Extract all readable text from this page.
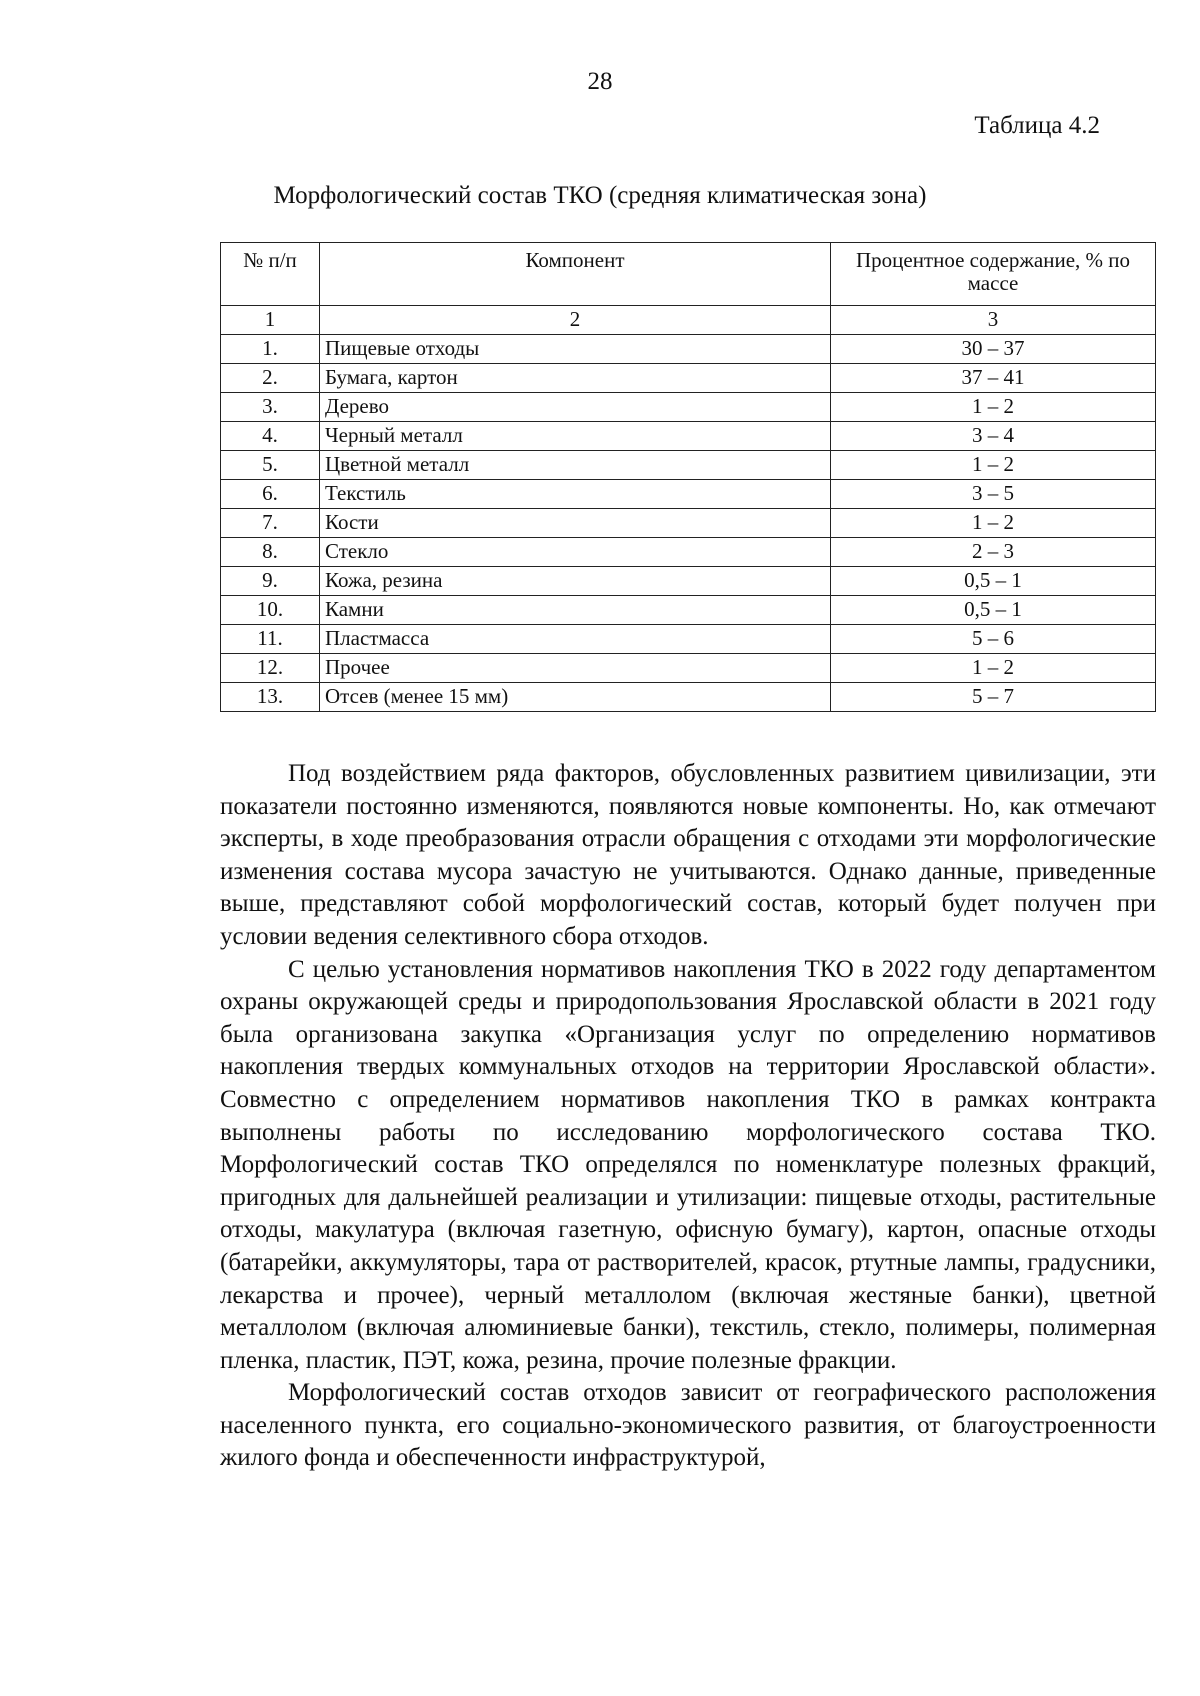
28
Таблица 4.2
Морфологический состав ТКО (средняя климатическая зона)
№ п/п	Компонент	Процентное содержание, % по массе
1	2	3
1.	Пищевые отходы	30 – 37
2.	Бумага, картон	37 – 41
3.	Дерево	1 – 2
4.	Черный металл	3 – 4
5.	Цветной металл	1 – 2
6.	Текстиль	3 – 5
7.	Кости	1 – 2
8.	Стекло	2 – 3
9.	Кожа, резина	0,5 – 1
10.	Камни	0,5 – 1
11.	Пластмасса	5 – 6
12.	Прочее	1 – 2
13.	Отсев (менее 15 мм)	5 – 7

Под воздействием ряда факторов, обусловленных развитием цивилизации, эти показатели постоянно изменяются, появляются новые компоненты. Но, как отмечают эксперты, в ходе преобразования отрасли обращения с отходами эти морфологические изменения состава мусора зачастую не учитываются. Однако данные, приведенные выше, представляют собой морфологический состав, который будет получен при условии ведения селективного сбора отходов.

С целью установления нормативов накопления ТКО в 2022 году департаментом охраны окружающей среды и природопользования Ярославской области в 2021 году была организована закупка «Организация услуг по определению нормативов накопления твердых коммунальных отходов на территории Ярославской области». Совместно с определением нормативов накопления ТКО в рамках контракта выполнены работы по исследованию морфологического состава ТКО. Морфологический состав ТКО определялся по номенклатуре полезных фракций, пригодных для дальнейшей реализации и утилизации: пищевые отходы, растительные отходы, макулатура (включая газетную, офисную бумагу), картон, опасные отходы (батарейки, аккумуляторы, тара от растворителей, красок, ртутные лампы, градусники, лекарства и прочее), черный металлолом (включая жестяные банки), цветной металлолом (включая алюминиевые банки), текстиль, стекло, полимеры, полимерная пленка, пластик, ПЭТ, кожа, резина, прочие полезные фракции.

Морфологический состав отходов зависит от географического расположения населенного пункта, его социально-экономического развития, от благоустроенности жилого фонда и обеспеченности инфраструктурой,
